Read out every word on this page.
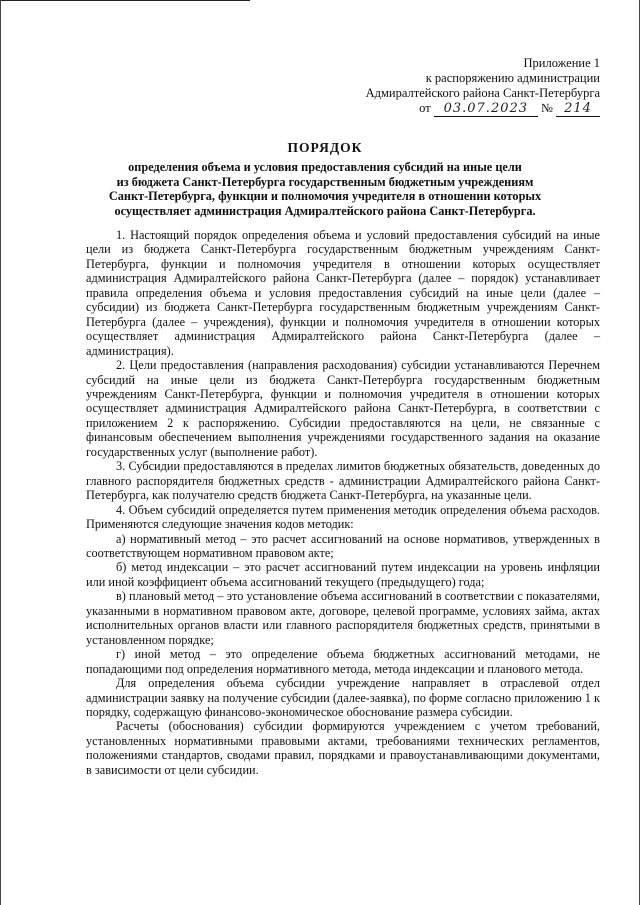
Приложение 1
к распоряжению администрации
Адмиралтейского района Санкт-Петербурга
от 03.07.2023 № 214
ПОРЯДОК
определения объема и условия предоставления субсидий на иные цели
из бюджета Санкт-Петербурга государственным бюджетным учреждениям
Санкт-Петербурга, функции и полномочия учредителя в отношении которых
осуществляет администрация Адмиралтейского района Санкт-Петербурга.

1. Настоящий порядок определения объема и условий предоставления субсидий на иные цели из бюджета Санкт-Петербурга государственным бюджетным учреждениям Санкт-Петербурга, функции и полномочия учредителя в отношении которых осуществляет администрация Адмиралтейского района Санкт-Петербурга (далее – порядок) устанавливает правила определения объема и условия предоставления субсидий на иные цели (далее – субсидии) из бюджета Санкт-Петербурга государственным бюджетным учреждениям Санкт-Петербурга (далее – учреждения), функции и полномочия учредителя в отношении которых осуществляет администрация Адмиралтейского района Санкт-Петербурга (далее – администрация).

2. Цели предоставления (направления расходования) субсидии устанавливаются Перечнем субсидий на иные цели из бюджета Санкт-Петербурга государственным бюджетным учреждениям Санкт-Петербурга, функции и полномочия учредителя в отношении которых осуществляет администрация Адмиралтейского района Санкт-Петербурга, в соответствии с приложением 2 к распоряжению. Субсидии предоставляются на цели, не связанные с финансовым обеспечением выполнения учреждениями государственного задания на оказание государственных услуг (выполнение работ).

3. Субсидии предоставляются в пределах лимитов бюджетных обязательств, доведенных до главного распорядителя бюджетных средств - администрации Адмиралтейского района Санкт-Петербурга, как получателю средств бюджета Санкт-Петербурга, на указанные цели.

4. Объем субсидий определяется путем применения методик определения объема расходов. Применяются следующие значения кодов методик:

а) нормативный метод – это расчет ассигнований на основе нормативов, утвержденных в соответствующем нормативном правовом акте;

б) метод индексации – это расчет ассигнований путем индексации на уровень инфляции или иной коэффициент объема ассигнований текущего (предыдущего) года;

в) плановый метод – это установление объема ассигнований в соответствии с показателями, указанными в нормативном правовом акте, договоре, целевой программе, условиях займа, актах исполнительных органов власти или главного распорядителя бюджетных средств, принятыми в установленном порядке;

г) иной метод – это определение объема бюджетных ассигнований методами, не попадающими под определения нормативного метода, метода индексации и планового метода.

Для определения объема субсидии учреждение направляет в отраслевой отдел администрации заявку на получение субсидии (далее-заявка), по форме согласно приложению 1 к порядку, содержащую финансово-экономическое обоснование размера субсидии.

Расчеты (обоснования) субсидии формируются учреждением с учетом требований, установленных нормативными правовыми актами, требованиями технических регламентов, положениями стандартов, сводами правил, порядками и правоустанавливающими документами, в зависимости от цели субсидии.
